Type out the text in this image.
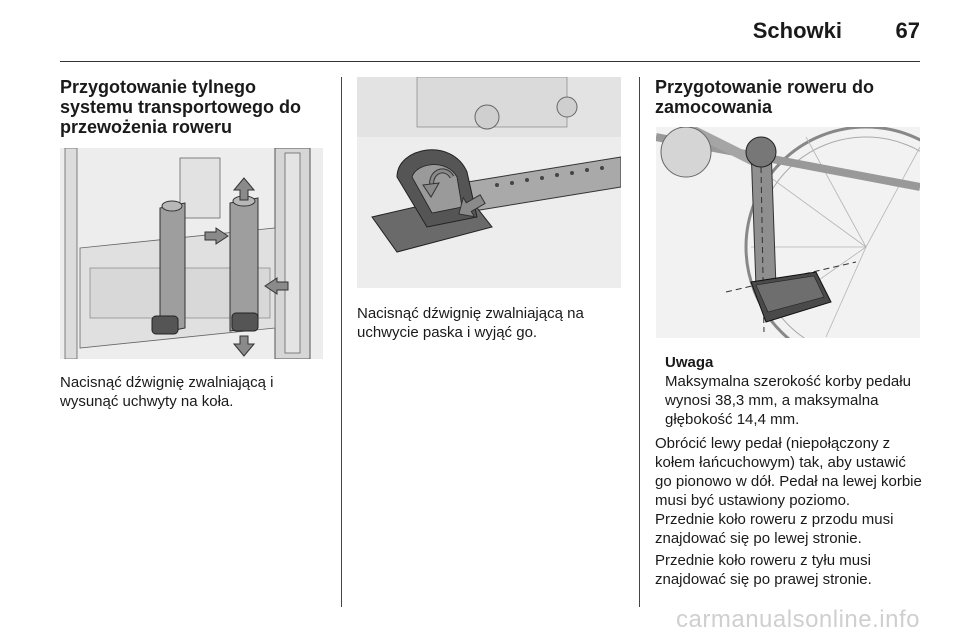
Schowki 67
Przygotowanie tylnego systemu transportowego do przewożenia roweru

Nacisnąć dźwignię zwalniającą i wysunąć uchwyty na koła.

Nacisnąć dźwignię zwalniającą na uchwycie paska i wyjąć go.

Przygotowanie roweru do zamocowania
Uwaga

Maksymalna szerokość korby pedału wynosi 38,3 mm, a maksymalna głębokość 14,4 mm.

Obrócić lewy pedał (niepołączony z kołem łańcuchowym) tak, aby ustawić go pionowo w dół. Pedał na lewej korbie musi być ustawiony poziomo.

Przednie koło roweru z przodu musi znajdować się po lewej stronie.

Przednie koło roweru z tyłu musi znajdować się po prawej stronie.

carmanualsonline.info
